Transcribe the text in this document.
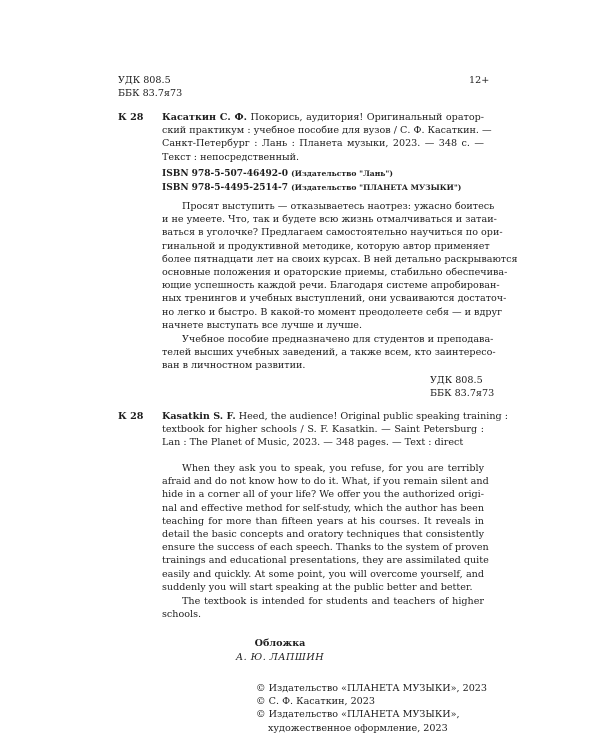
УДК 808.5
ББК 83.7я73
12+
К 28 Касаткин С. Ф. Покорись, аудитория! Оригинальный оратор-
ский практикум : учебное пособие для вузов / С. Ф. Касаткин. —
Санкт-Петербург : Лань : Планета музыки, 2023. — 348 с. —
Текст : непосредственный.
ISBN 978-5-507-46492-0 (Издательство "Лань")
ISBN 978-5-4495-2514-7 (Издательство "ПЛАНЕТА МУЗЫКИ")
Просят выступить — отказываетесь наотрез: ужасно боитесь
и не умеете. Что, так и будете всю жизнь отмалчиваться и затаи-
ваться в уголочке? Предлагаем самостоятельно научиться по ори-
гинальной и продуктивной методике, которую автор применяет
более пятнадцати лет на своих курсах. В ней детально раскрываются
основные положения и ораторские приемы, стабильно обеспечива-
ющие успешность каждой речи. Благодаря системе апробирован-
ных тренингов и учебных выступлений, они усваиваются достаточ-
но легко и быстро. В какой-то момент преодолеете себя — и вдруг
начнете выступать все лучше и лучше.
Учебное пособие предназначено для студентов и преподава-
телей высших учебных заведений, а также всем, кто заинтересо-
ван в личностном развитии.
УДК 808.5
ББК 83.7я73
К 28 Kasatkin S. F. Heed, the audience! Original public speaking training :
textbook for higher schools / S. F. Kasatkin. — Saint Petersburg :
Lan : The Planet of Music, 2023. — 348 pages. — Text : direct
When they ask you to speak, you refuse, for you are terribly
afraid and do not know how to do it. What, if you remain silent and
hide in a corner all of your life? We offer you the authorized origi-
nal and effective method for self-study, which the author has been
teaching for more than fifteen years at his courses. It reveals in
detail the basic concepts and oratory techniques that consistently
ensure the success of each speech. Thanks to the system of proven
trainings and educational presentations, they are assimilated quite
easily and quickly. At some point, you will overcome yourself, and
suddenly you will start speaking at the public better and better.
The textbook is intended for students and teachers of higher
schools.
Обложка
А. Ю. ЛАПШИН
© Издательство «ПЛАНЕТА МУЗЫКИ», 2023
© С. Ф. Касаткин, 2023
© Издательство «ПЛАНЕТА МУЗЫКИ»,
художественное оформление, 2023
